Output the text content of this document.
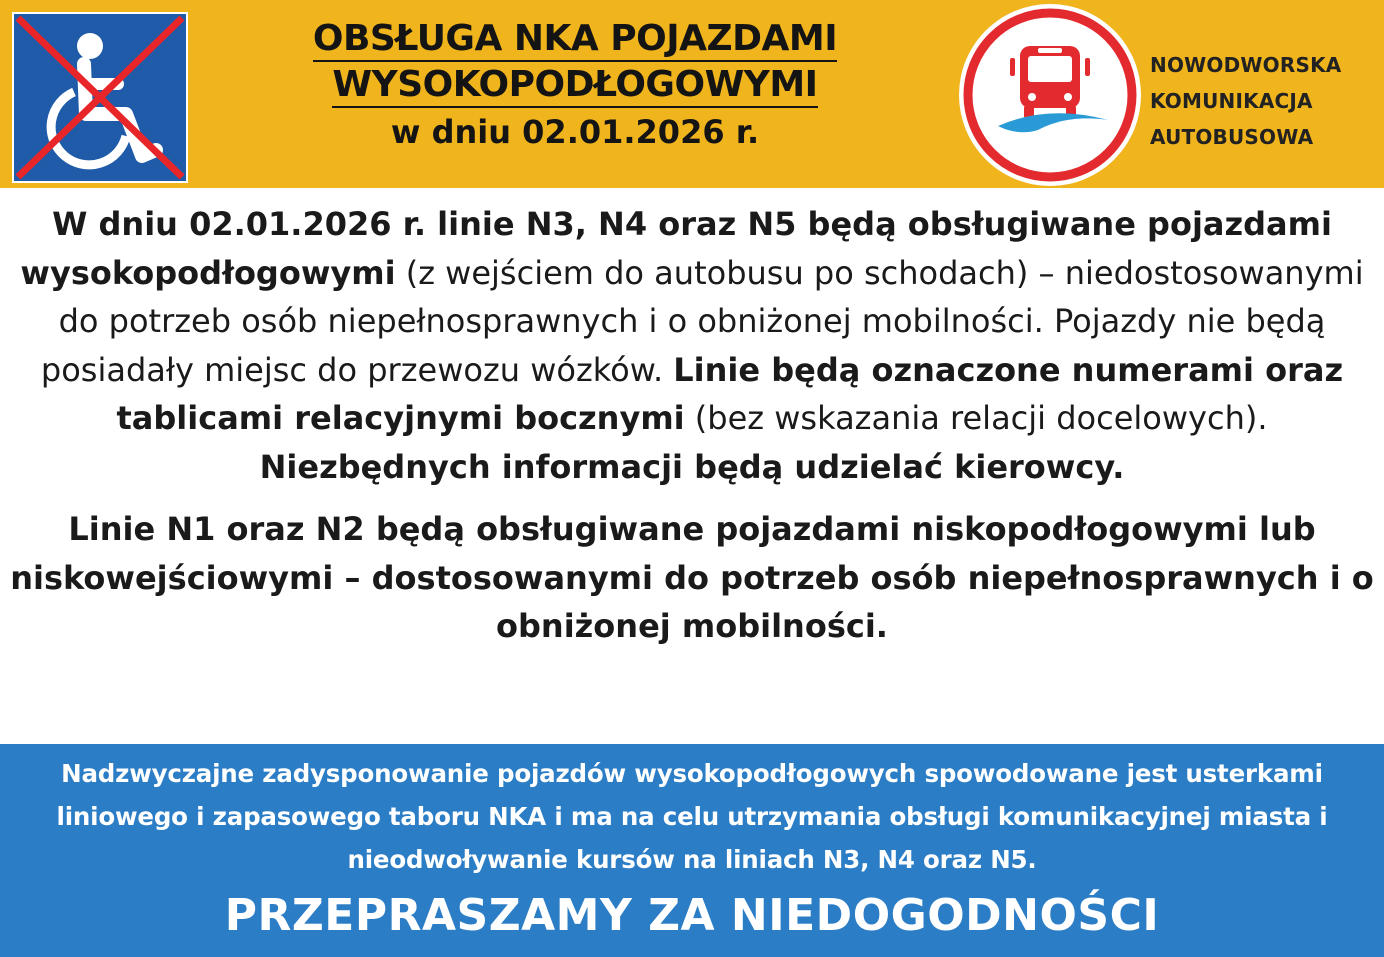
OBSŁUGA NKA POJAZDAMI
WYSOKOPODŁOGOWYMI
w dniu 02.01.2026 r.
NOWODWORSKA
KOMUNIKACJA
AUTOBUSOWA

W dniu 02.01.2026 r. linie N3, N4 oraz N5 będą obsługiwane pojazdami wysokopodłogowymi (z wejściem do autobusu po schodach) – niedostosowanymi do potrzeb osób niepełnosprawnych i o obniżonej mobilności. Pojazdy nie będą posiadały miejsc do przewozu wózków. Linie będą oznaczone numerami oraz tablicami relacyjnymi bocznymi (bez wskazania relacji docelowych). Niezbędnych informacji będą udzielać kierowcy.

Linie N1 oraz N2 będą obsługiwane pojazdami niskopodłogowymi lub niskowejściowymi – dostosowanymi do potrzeb osób niepełnosprawnych i o obniżonej mobilności.

Nadzwyczajne zadysponowanie pojazdów wysokopodłogowych spowodowane jest usterkami liniowego i zapasowego taboru NKA i ma na celu utrzymania obsługi komunikacyjnej miasta i nieodwoływanie kursów na liniach N3, N4 oraz N5.

PRZEPRASZAMY ZA NIEDOGODNOŚCI
